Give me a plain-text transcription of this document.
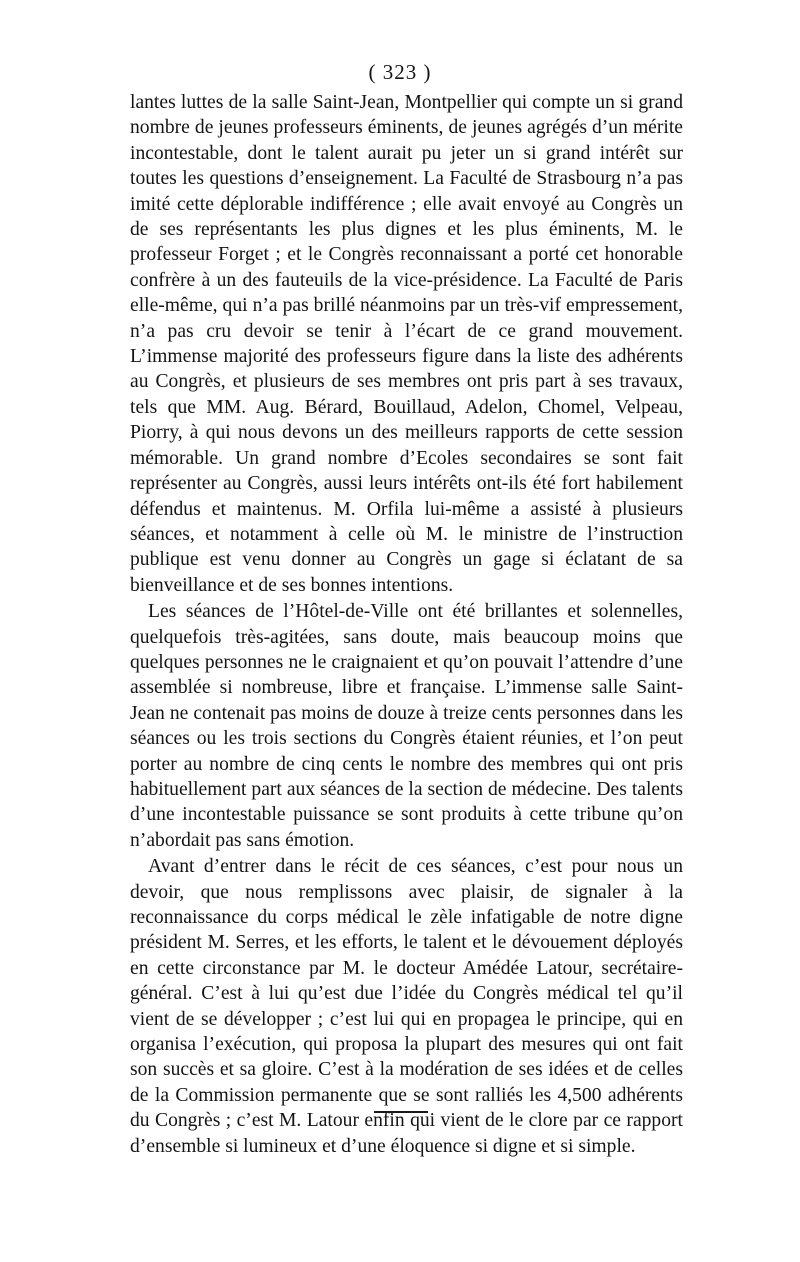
( 323 )

lantes luttes de la salle Saint-Jean, Montpellier qui compte un si grand nombre de jeunes professeurs éminents, de jeunes agrégés d’un mérite incontestable, dont le talent aurait pu jeter un si grand intérêt sur toutes les questions d’enseignement. La Faculté de Strasbourg n’a pas imité cette déplorable indifférence ; elle avait envoyé au Congrès un de ses représentants les plus dignes et les plus éminents, M. le professeur Forget ; et le Congrès reconnaissant a porté cet honorable confrère à un des fauteuils de la vice-présidence. La Faculté de Paris elle-même, qui n’a pas brillé néanmoins par un très-vif empressement, n’a pas cru devoir se tenir à l’écart de ce grand mouvement. L’immense majorité des professeurs figure dans la liste des adhérents au Congrès, et plusieurs de ses membres ont pris part à ses travaux, tels que MM. Aug. Bérard, Bouillaud, Adelon, Chomel, Velpeau, Piorry, à qui nous devons un des meilleurs rapports de cette session mémorable. Un grand nombre d’Ecoles secondaires se sont fait représenter au Congrès, aussi leurs intérêts ont-ils été fort habilement défendus et maintenus. M. Orfila lui-même a assisté à plusieurs séances, et notamment à celle où M. le ministre de l’instruction publique est venu donner au Congrès un gage si éclatant de sa bienveillance et de ses bonnes intentions.

Les séances de l’Hôtel-de-Ville ont été brillantes et solennelles, quelquefois très-agitées, sans doute, mais beaucoup moins que quelques personnes ne le craignaient et qu’on pouvait l’attendre d’une assemblée si nombreuse, libre et française. L’immense salle Saint-Jean ne contenait pas moins de douze à treize cents personnes dans les séances ou les trois sections du Congrès étaient réunies, et l’on peut porter au nombre de cinq cents le nombre des membres qui ont pris habituellement part aux séances de la section de médecine. Des talents d’une incontestable puissance se sont produits à cette tribune qu’on n’abordait pas sans émotion.

Avant d’entrer dans le récit de ces séances, c’est pour nous un devoir, que nous remplissons avec plaisir, de signaler à la reconnaissance du corps médical le zèle infatigable de notre digne président M. Serres, et les efforts, le talent et le dévouement déployés en cette circonstance par M. le docteur Amédée Latour, secrétaire-général. C’est à lui qu’est due l’idée du Congrès médical tel qu’il vient de se développer ; c’est lui qui en propagea le principe, qui en organisa l’exécution, qui proposa la plupart des mesures qui ont fait son succès et sa gloire. C’est à la modération de ses idées et de celles de la Commission permanente que se sont ralliés les 4,500 adhérents du Congrès ; c’est M. Latour enfin qui vient de le clore par ce rapport d’ensemble si lumineux et d’une éloquence si digne et si simple.
